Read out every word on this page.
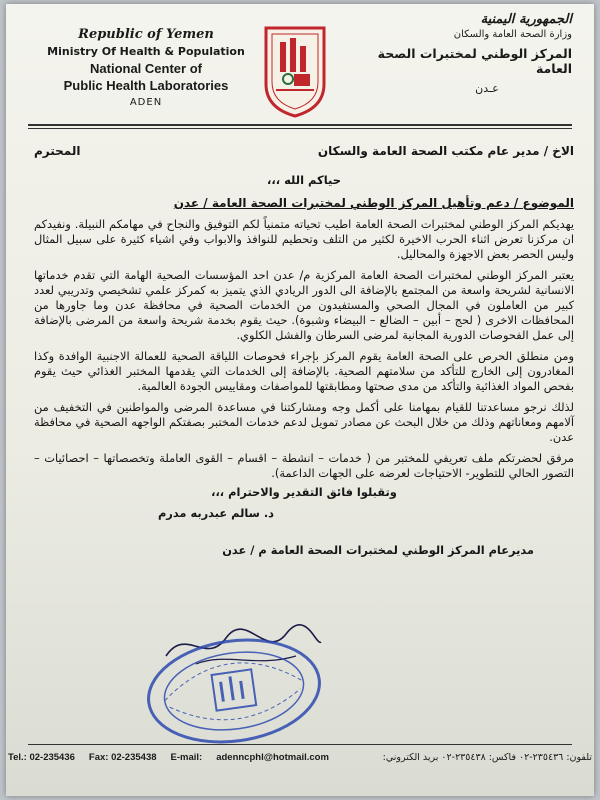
Republic of Yemen
Ministry Of Health & Population
National Center of
Public Health Laboratories
ADEN
الجمهورية اليمنية
وزارة الصحة العامة والسكان
المركز الوطني لمختبرات الصحة العامة
عـدن
الاخ / مدير عام مكتب الصحة العامة والسكان
المحترم
حياكم الله ،،،
الموضوع / دعم وتأهيل المركز الوطني لمختبرات الصحة العامة / عدن
يهديكم المركز الوطني لمختبرات الصحة العامة اطيب تحياته متمنياً لكم التوفيق والنجاح في مهامكم النبيلة. ونفيدكم ان مركزنا تعرض اثناء الحرب الاخيرة لكثير من التلف وتحطيم للنوافذ والابواب وفي اشياء كثيرة على سبيل المثال وليس الحصر بعض الاجهزة والمحاليل.
يعتبر المركز الوطني لمختبرات الصحة العامة المركزية م/ عدن احد المؤسسات الصحية الهامة التي تقدم خدماتها الانسانية لشريحة واسعة من المجتمع بالإضافة الى الدور الريادي الذي يتميز به كمركز علمي تشخيصي وتدريبي لعدد كبير من العاملون في المجال الصحي والمستفيدون من الخدمات الصحية في محافظة عدن وما جاورها من المحافظات الاخرى ( لحج – أبين – الضالع – البيضاء وشبوة). حيث يقوم بخدمة شريحة واسعة من المرضى بالإضافة إلى عمل الفحوصات الدورية المجانية لمرضى السرطان والفشل الكلوي.
ومن منطلق الحرص على الصحة العامة يقوم المركز بإجراء فحوصات اللياقة الصحية للعمالة الاجنبية الوافدة وكذا المغادرون إلى الخارج للتأكد من سلامتهم الصحية. بالإضافة إلى الخدمات التي يقدمها المختبر الغذائي حيث يقوم بفحص المواد الغذائية والتأكد من مدى صحتها ومطابقتها للمواصفات ومقاييس الجودة العالمية.
لذلك نرجو مساعدتنا للقيام بمهامنا على أكمل وجه ومشاركتنا في مساعدة المرضى والمواطنين في التخفيف من آلامهم ومعاناتهم وذلك من خلال البحث عن مصادر تمويل لدعم خدمات المختبر بصفتكم الواجهه الصحية في محافظة عدن.
مرفق لحضرتكم ملف تعريفي للمختبر من ( خدمات – انشطة – اقسام – القوى العاملة وتخصصاتها – احصائيات – التصور الحالي للتطوير- الاحتياجات لعرضه على الجهات الداعمة).
وتقبلوا فائق التقدير والاحترام ،،،
د. سالم عبدربه مدرم
مديرعام المركز الوطني لمختبرات الصحة العامة م / عدن
Tel.: 02-235436 Fax: 02-235438 E-mail: adenncphl@hotmail.com	تلفون: ٢٣٥٤٣٦-٠٢ فاكس: ٢٣٥٤٣٨-٠٢ بريد الكتروني:
